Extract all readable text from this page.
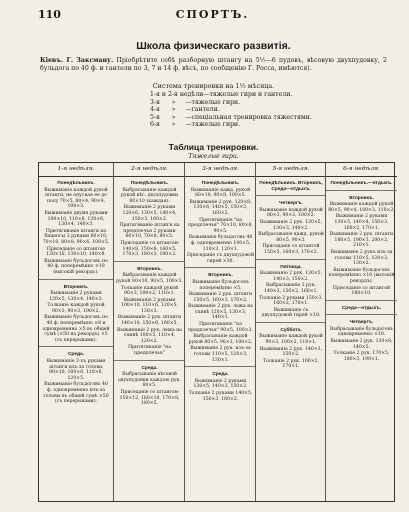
110	СПОРТЪ.
Школа физическаго развитія.
Кіевъ. Г. Заксману. Пріобрѣтите себѣ разборную штангу на 5½—6 пудовъ, вѣсовую двухпудовку, 2 бульдога по 40 ф. и гантели по 3, 7 и 14 ф. вѣсъ, по сообщенію Г. Росса, имѣются).
Система тренировки на 1½ мѣсяца.
1-я и 2-я недѣли—тяжелые гири и гантели.
3-я      »     —тяжелые гири.
4-я      »     —гантели.
5-я      »     —спеціальная тренировка тяжестями.
6-я      »     —тяжелые гири.
Таблица тренировки.
Тяжелые гири.
1-я недѣля.
Понедѣльникъ.
Выжиманіе каждой рукой штанги, не опуская ее до полу 70×5, 80×4, 90×4, 100×3.
Выжиманіе двумя руками 100×10, 110×8, 120×6, 130×4, 140×3.
Притягиваніе штанги на бицепсы 3 руками 60×10, 70×10, 80×8, 90×6, 100×5.
Приседаніе со штангою 120×10, 130×10, 140×8.
Выжиманіе бульдоговъ по 40 ф. поперемѣнно ×10 (высокій рекордъ).
Вторникъ.
Выжиманіе 2 руками 120×5, 130×4, 140×3.
Толканіе каждой рукой 80×3, 90×3, 100×2.
Выжиманіе бульдоговъ по 40 ф. поперемѣнно ×8 и одновременно ×5 въ общей сумѣ (×50 на рекордъ) ×5 (съ перерывами).
Среда.
Выжиманіе 2-хъ руками штанги изъ-за головы 90×10, 100×8, 110×6, 120×5.
Выжиманіе бульдоговъ 40 ф. одновременно изъ-за головы въ общей сумѣ ×50 (съ перерывами).
2-я недѣля.
Понедѣльникъ.
Выбрасываніе каждой рукой вѣс. двухпудовки 80×10 (каждая).
Выжиманіе 2 руками 120×6, 130×5, 140×4, 150×3, 160×2.
Притягиваніе штанги на предплечья 2 руками 60×10, 70×8, 80×5.
Приседаніе со штангою 140×8, 150×6, 160×5, 170×3, 180×3, 190×2.
Вторникъ.
Выбрасываніе каждой рукой 80×10, 90×5, 100×3.
Толканіе каждой рукой 90×3, 100×2, 110×1.
Выжиманіе 2 руками 100×10, 110×6, 120×5, 130×3.
Выжиманіе 2 рук. штанги 140×10, 150×6, 160×5.
Выжиманіе 2 рук. лежа на спинѣ 100×5, 110×4, 120×2.
Притягиваніе "на предплечья"
Среда.
Выбрасываніе вѣсовой двухпудовки каждою рук. 80×5.
Приседаніе со штангою 150×12, 160×10, 170×8, 180×5.
3-я недѣля.
Понедѣльникъ.
Выжиманіе кажд. рукой 80×10, 90×8, 100×5.
Выжиманіе 2 рук. 120×8, 130×6, 140×5, 150×3, 160×2.
Притягиваніе "на предплечья" 70×10, 80×8, 90×5.
Выжиманіе бульдоговъ 40 ф. одновременно 100×5, 110×3, 120×1.
Приседаніе съ двухпудовой гирей ×30.
Вторникъ.
Выжиманіе бульдоговъ поперемѣнно ×5.
Выжиманіе 2 рук. штанги 150×5, 160×3, 170×2.
Выжиманіе 2 рук. лежа на спинѣ 120×5, 130×3, 140×1.
Притягиваніе "на предплечья" 90×5, 100×3.
Выбрасываніе каждой рукой 80×5, 90×3, 100×2.
Выжиманіе 2 рук. изъ-за головы 110×5, 120×3, 130×1.
Среда.
Выжиманіе 2 руками 130×5, 140×3, 150×2.
Толканіе 2 руками 140×5, 150×3, 160×2.
5-я недѣля.
Понедѣльникъ. Вторникъ, Среда—отдыхъ.
Четвергъ.
Выжиманіе каждой рукой 80×3, 90×3, 100×2.
Выжиманіе 2 рук. 120×5, 130×3, 140×2.
Выбрасываніе кажд. рукой 80×5, 90×3.
Приседаніе со штангой 150×5, 160×3, 170×2.
Пятница.
Выжиманіе 2 рук. 130×5, 140×3, 150×2.
Выбрасываніе 2 рук. 140×3, 150×2, 160×1.
Толканіе 2 руками 150×3, 160×2, 170×1.
Выжиманіе съ двухпудовой гирей ×10.
Суббота.
Выжиманіе каждой рукой 90×3, 100×2, 110×1.
Выжиманіе 2 рук. 140×3, 150×2.
Толканіе 2 рук. 160×2, 170×1.
6-я недѣля.
Понедѣльникъ.—отдыхъ.
Вторникъ.
Выжиманіе каждой рукой 80×5, 90×4, 100×3, 110×2.
Выжиманіе 2 руками 130×5, 140×4, 150×3, 160×2, 170×1.
Выжиманіе 2 рук. штанги 180×5, 190×3, 200×2, 210×1.
Выжиманіе 2 рукъ изъ-за головы 110×5, 120×3, 130×2.
Выжиманіе бульдоговъ поперемѣнно ×10 (высокій рекордъ).
Приседаніе со штангой 180×10.
Среда—отдыхъ.
Четвергъ.
Выбрасываніе бульдоговъ одновременно ×10.
Выжиманіе 2 рук. 130×8, 140×5.
Толканіе 2 рук. 170×5, 180×3, 190×1.
